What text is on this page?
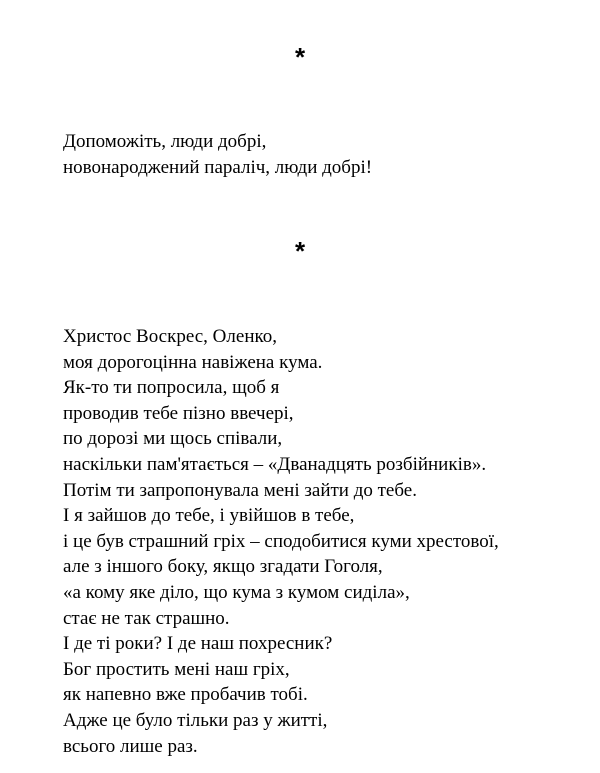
*
Допоможіть, люди добрі,
новонароджений параліч, люди добрі!
*
Христос Воскрес, Оленко,
моя дорогоцінна навіжена кума.
Як-то ти попросила, щоб я
проводив тебе пізно ввечері,
по дорозі ми щось співали,
наскільки пам'ятається – «Дванадцять розбійників».
Потім ти запропонувала мені зайти до тебе.
І я зайшов до тебе, і увійшов в тебе,
і це був страшний гріх – сподобитися куми хрестової,
але з іншого боку, якщо згадати Гоголя,
«а кому яке діло, що кума з кумом сиділа»,
стає не так страшно.
І де ті роки? І де наш похресник?
Бог простить мені наш гріх,
як напевно вже пробачив тобі.
Адже це було тільки раз у житті,
всього лише раз.
